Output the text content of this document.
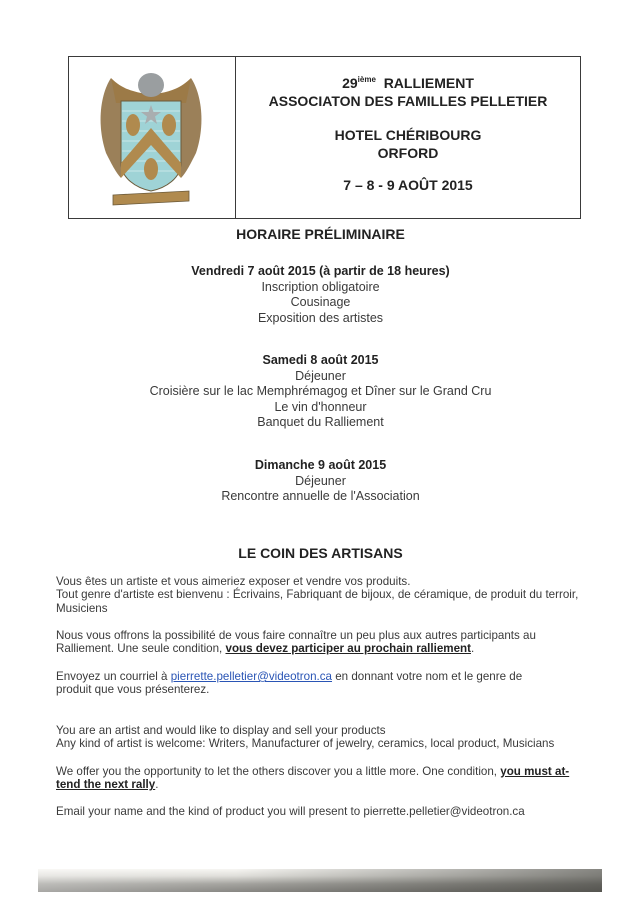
29ième RALLIEMENT
ASSOCIATON DES FAMILLES PELLETIER
HOTEL CHÉRIBOURG
ORFORD
7 – 8 - 9 AOÛT 2015
HORAIRE PRÉLIMINAIRE
Vendredi 7 août 2015 (à partir de 18 heures)
Inscription obligatoire
Cousinage
Exposition des artistes
Samedi 8 août 2015
Déjeuner
Croisière sur le lac Memphrémagog et Dîner sur le Grand Cru
Le vin d'honneur
Banquet du Ralliement
Dimanche 9 août 2015
Déjeuner
Rencontre annuelle de l'Association
LE COIN DES ARTISANS
Vous êtes un artiste et vous aimeriez exposer et vendre vos produits.
Tout genre d'artiste est bienvenu : Écrivains, Fabriquant de bijoux, de céramique, de produit du terroir, Musiciens
Nous vous offrons la possibilité de vous faire connaître un peu plus aux autres participants au Ralliement. Une seule condition, vous devez participer au prochain ralliement.
Envoyez un courriel à pierrette.pelletier@videotron.ca en donnant votre nom et le genre de produit que vous présenterez.
You are an artist and would like to display and sell your products
Any kind of artist is welcome: Writers, Manufacturer of jewelry, ceramics, local product, Musicians
We offer you the opportunity to let the others discover you a little more. One condition, you must at-tend the next rally.
Email your name and the kind of product you will present to pierrette.pelletier@videotron.ca
